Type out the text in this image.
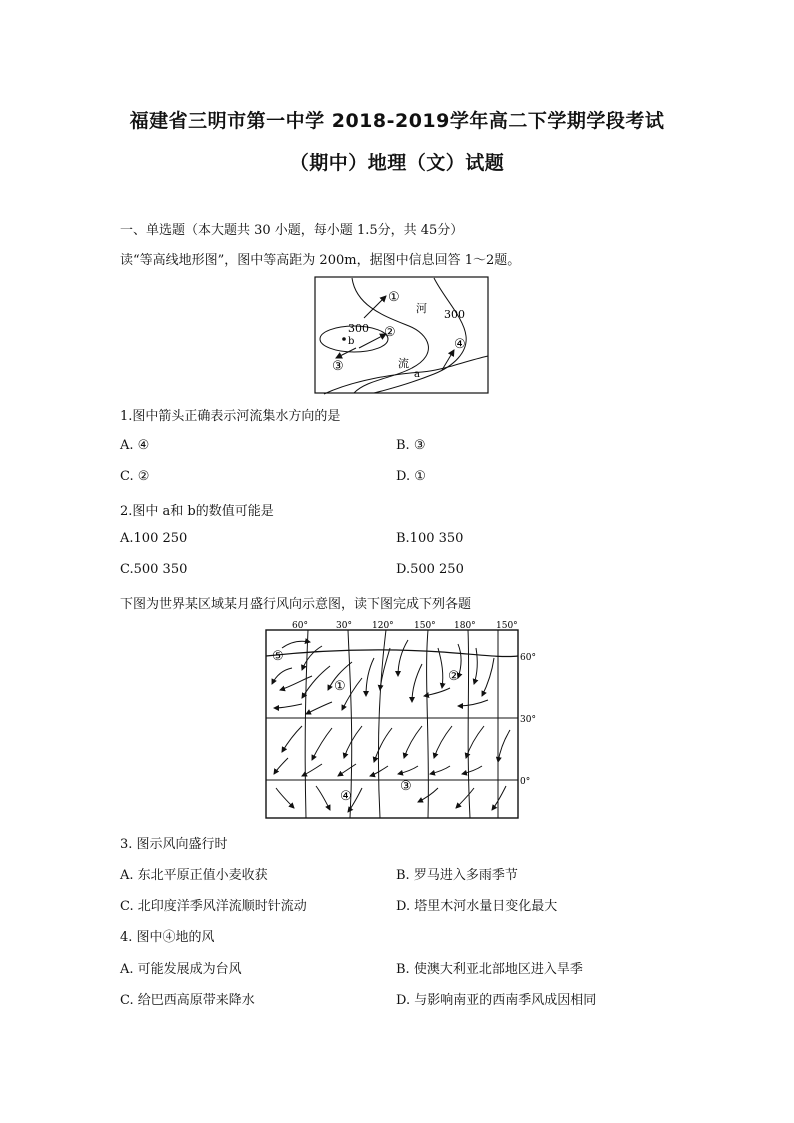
福建省三明市第一中学 2018-2019学年高二下学期学段考试
（期中）地理（文）试题
一、单选题（本大题共 30 小题，每小题 1.5分，共 45分）
读“等高线地形图”，图中等高距为 200m，据图中信息回答 1～2题。
①
②
③
④
河
流
300
300
b
a
1.图中箭头正确表示河流集水方向的是
A. ④	B. ③
C. ②	D. ①
2.图中 a和 b的数值可能是
A.100 250	B.100 350
C.500 350	D.500 250
下图为世界某区域某月盛行风向示意图，读下图完成下列各题
60°	30° 120° 150° 180° 150°
60°
30°
0°
①
②
③
④
⑤
3. 图示风向盛行时
A. 东北平原正值小麦收获	B. 罗马进入多雨季节
C. 北印度洋季风洋流顺时针流动	D. 塔里木河水量日变化最大
4. 图中④地的风
A. 可能发展成为台风	B. 使澳大利亚北部地区进入旱季
C. 给巴西高原带来降水	D. 与影响南亚的西南季风成因相同
